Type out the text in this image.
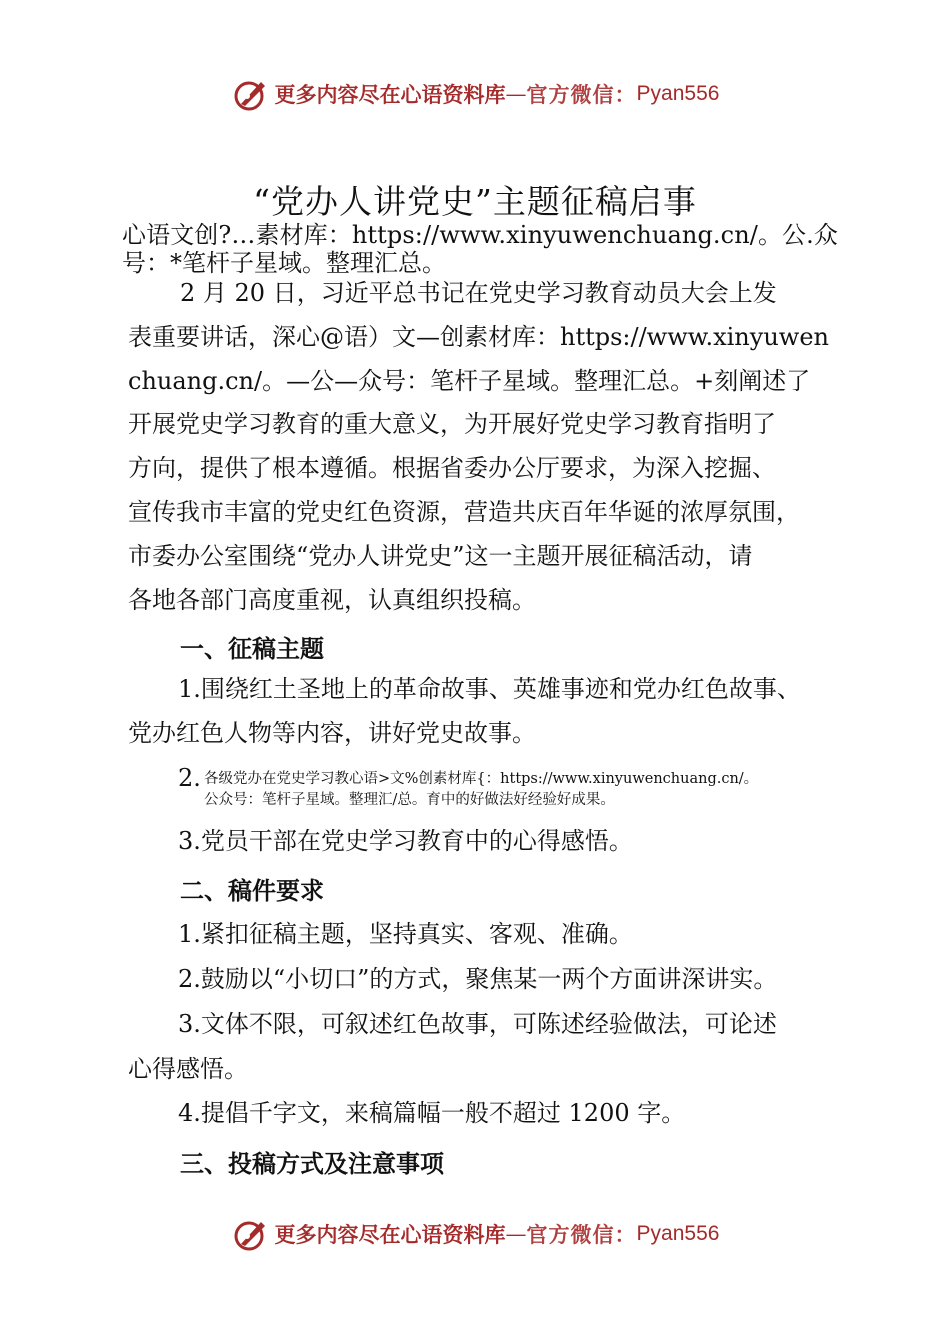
更多内容尽在心语资料库 — 官方微信： Pyan556
“党办人讲党史”主题征稿启事
心语文创?…素材库：https://www.xinyuwenchuang.cn/。公.众
号：*笔杆子星域。整理汇总。
2 月 20 日，习近平总书记在党史学习教育动员大会上发
表重要讲话，深心@语）文—创素材库：https://www.xinyuwen
chuang.cn/。—公—众号：笔杆子星域。整理汇总。+刻阐述了
开展党史学习教育的重大意义，为开展好党史学习教育指明了
方向，提供了根本遵循。根据省委办公厅要求，为深入挖掘、
宣传我市丰富的党史红色资源，营造共庆百年华诞的浓厚氛围，
市委办公室围绕“党办人讲党史”这一主题开展征稿活动，请
各地各部门高度重视，认真组织投稿。
一、征稿主题
1.围绕红土圣地上的革命故事、英雄事迹和党办红色故事、
党办红色人物等内容，讲好党史故事。
2. 各级党办在党史学习教心语>文%创素材库{：https://www.xinyuwenchuang.cn/。
公众号：笔杆子星域。整理汇/总。育中的好做法好经验好成果。
3.党员干部在党史学习教育中的心得感悟。
二、稿件要求
1.紧扣征稿主题，坚持真实、客观、准确。
2.鼓励以“小切口”的方式，聚焦某一两个方面讲深讲实。
3.文体不限，可叙述红色故事，可陈述经验做法，可论述
心得感悟。
4.提倡千字文，来稿篇幅一般不超过 1200 字。
三、投稿方式及注意事项
更多内容尽在心语资料库 — 官方微信： Pyan556
